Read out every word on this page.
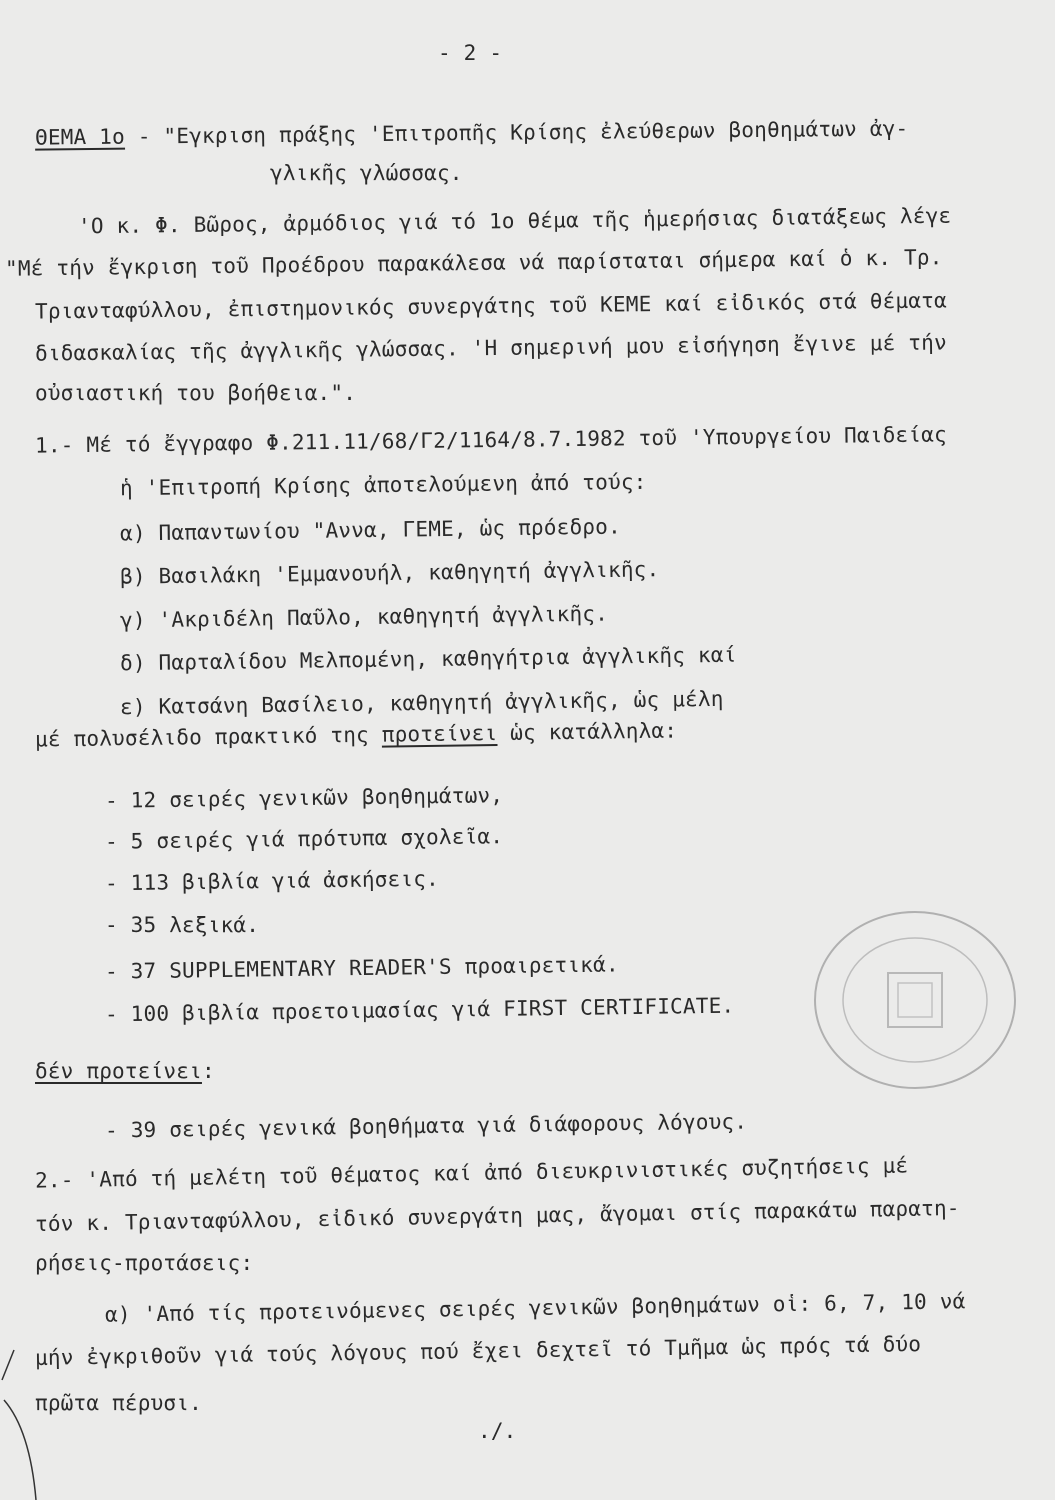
- 2 -
ΘΕΜΑ 1ο - "Εγκριση πράξης 'Επιτροπῆς Κρίσης ἐλεύθερων βοηθημάτων ἀγ-
γλικῆς γλώσσας.
'Ο κ. Φ. Βῶρος, ἀρμόδιος γιά τό 1ο θέμα τῆς ἡμερήσιας διατάξεως λέγε
"Μέ τήν ἔγκριση τοῦ Προέδρου παρακάλεσα νά παρίσταται σήμερα καί ὁ κ. Τρ.
Τριανταφύλλου, ἐπιστημονικός συνεργάτης τοῦ ΚΕΜΕ καί εἰδικός στά θέματα
διδασκαλίας τῆς ἀγγλικῆς γλώσσας. 'Η σημερινή μου εἰσήγηση ἔγινε μέ τήν
οὐσιαστική του βοήθεια.".
1.- Μέ τό ἔγγραφο Φ.211.11/68/Γ2/1164/8.7.1982 τοῦ 'Υπουργείου Παιδείας
ἡ 'Επιτροπή Κρίσης ἀποτελούμενη ἀπό τούς:
α) Παπαντωνίου "Αννα, ΓΕΜΕ, ὡς πρόεδρο.
β) Βασιλάκη 'Εμμανουήλ, καθηγητή ἀγγλικῆς.
γ) 'Ακριδέλη Παῦλο, καθηγητή ἀγγλικῆς.
δ) Παρταλίδου Μελπομένη, καθηγήτρια ἀγγλικῆς καί
ε) Κατσάνη Βασίλειο, καθηγητή ἀγγλικῆς, ὡς μέλη
μέ πολυσέλιδο πρακτικό της προτείνει ὡς κατάλληλα:
- 12 σειρές γενικῶν βοηθημάτων,
- 5 σειρές γιά πρότυπα σχολεῖα.
- 113 βιβλία γιά ἀσκήσεις.
- 35 λεξικά.
- 37 SUPPLEMENTARY READER'S προαιρετικά.
- 100 βιβλία προετοιμασίας γιά FIRST CERTIFICATE.
δέν προτείνει:
- 39 σειρές γενικά βοηθήματα γιά διάφορους λόγους.
2.- 'Από τή μελέτη τοῦ θέματος καί ἀπό διευκρινιστικές συζητήσεις μέ
τόν κ. Τριανταφύλλου, εἰδικό συνεργάτη μας, ἄγομαι στίς παρακάτω παρατη-
ρήσεις-προτάσεις:
α) 'Από τίς προτεινόμενες σειρές γενικῶν βοηθημάτων οἱ: 6, 7, 10 νά
μήν ἐγκριθοῦν γιά τούς λόγους πού ἔχει δεχτεῖ τό Τμῆμα ὡς πρός τά δύο
πρῶτα πέρυσι.
./.
